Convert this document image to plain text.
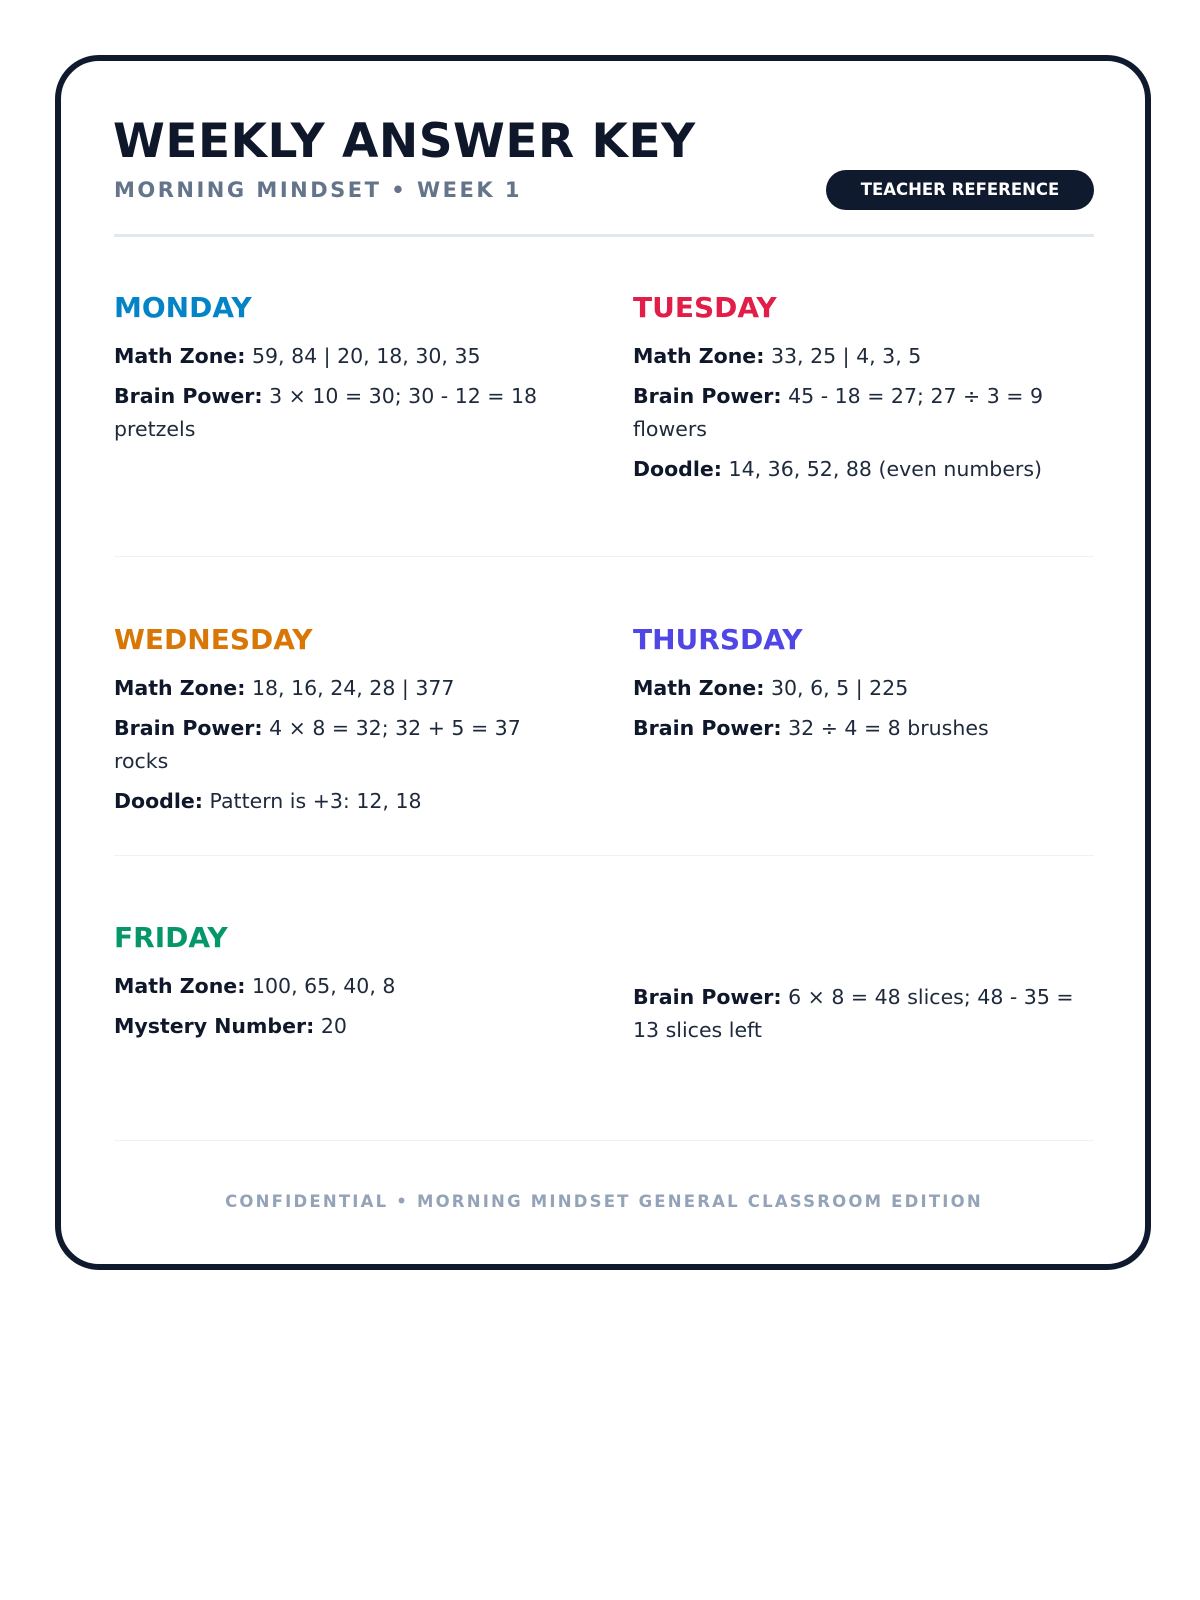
WEEKLY ANSWER KEY
MORNING MINDSET • WEEK 1	TEACHER REFERENCE
MONDAY
Math Zone: 59, 84 | 20, 18, 30, 35
Brain Power: 3 × 10 = 30; 30 - 12 = 18 pretzels
TUESDAY
Math Zone: 33, 25 | 4, 3, 5
Brain Power: 45 - 18 = 27; 27 ÷ 3 = 9 flowers
Doodle: 14, 36, 52, 88 (even numbers)
WEDNESDAY
Math Zone: 18, 16, 24, 28 | 377
Brain Power: 4 × 8 = 32; 32 + 5 = 37 rocks
Doodle: Pattern is +3: 12, 18
THURSDAY
Math Zone: 30, 6, 5 | 225
Brain Power: 32 ÷ 4 = 8 brushes
FRIDAY
Math Zone: 100, 65, 40, 8
Mystery Number: 20
Brain Power: 6 × 8 = 48 slices; 48 - 35 = 13 slices left
CONFIDENTIAL • MORNING MINDSET GENERAL CLASSROOM EDITION
